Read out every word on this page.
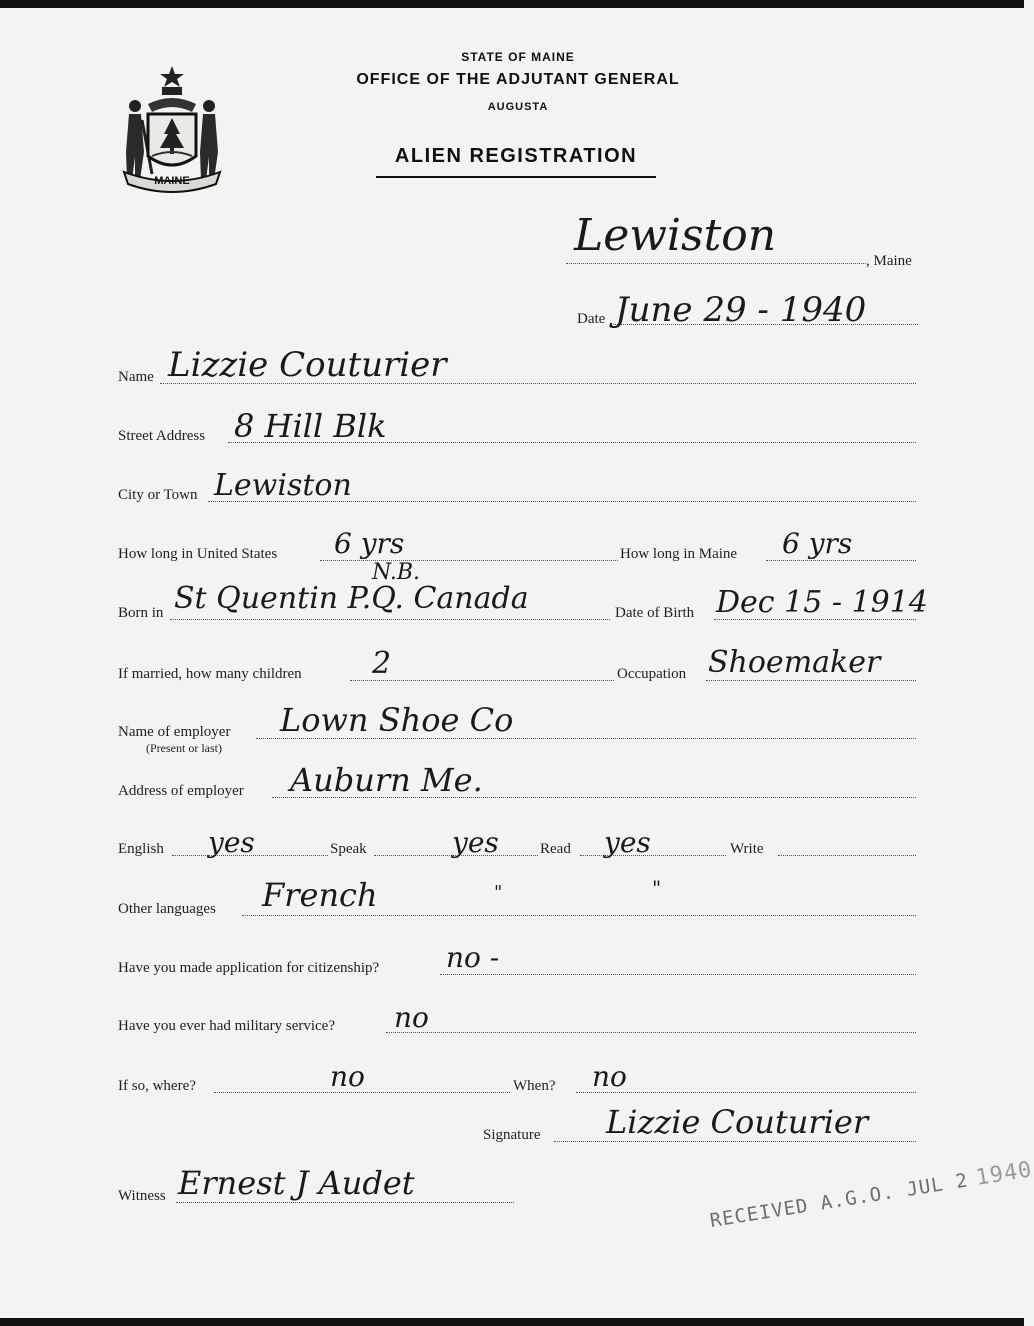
MAINE
STATE OF MAINE
OFFICE OF THE ADJUTANT GENERAL
AUGUSTA
ALIEN REGISTRATION
, Maine
Lewiston
Date June 29 - 1940
Name Lizzie Couturier
Street Address 8 Hill Blk
City or Town Lewiston
How long in United States 6 yrs	How long in Maine 6 yrs
Born in St Quentin P.Q. Canada
N.B.
Date of Birth Dec 15 - 1914
If married, how many children 2	Occupation Shoemaker
Name of employer
(Present or last)
Lown Shoe Co
Address of employer Auburn Me.
English yes	Speak	yes	Read yes	Write
Other languages French	"	"
Have you made application for citizenship? no -
Have you ever had military service? no
If so, where?	no	When? no
Signature Lizzie Couturier
Witness Ernest J Audet	RECEIVED A.G.O. JUL 2 1940
